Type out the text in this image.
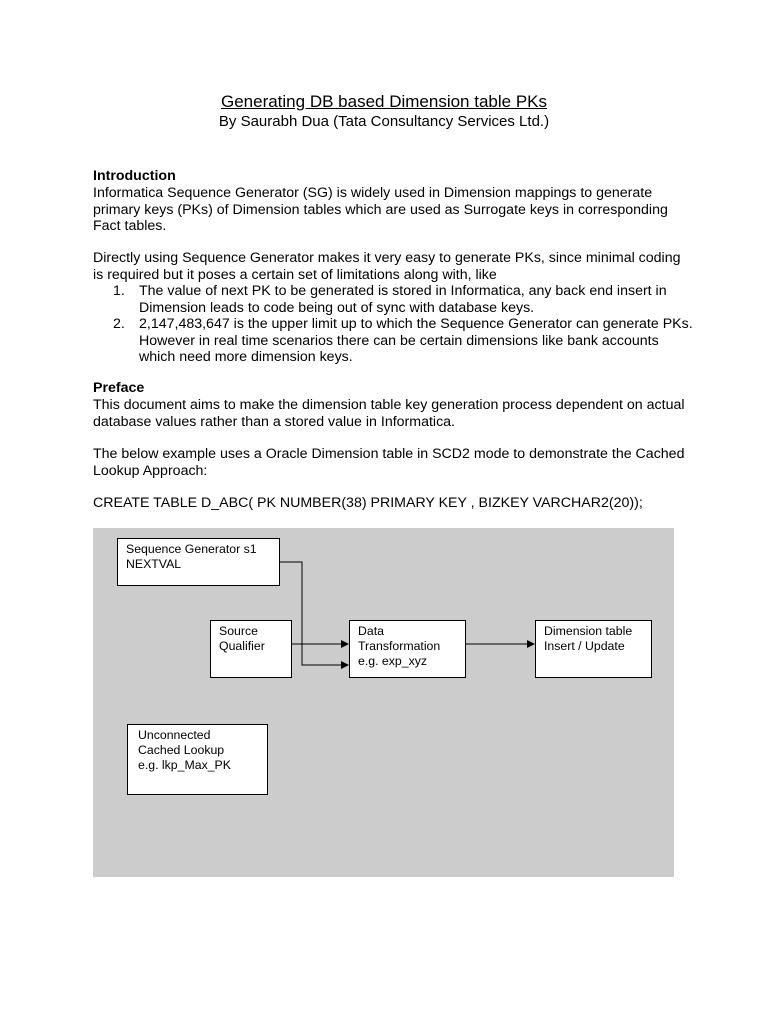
Generating DB based Dimension table PKs
By Saurabh Dua (Tata Consultancy Services Ltd.)
Introduction
Informatica Sequence Generator (SG) is widely used in Dimension mappings to generate primary keys (PKs) of Dimension tables which are used as Surrogate keys in corresponding Fact tables.
Directly using Sequence Generator makes it very easy to generate PKs, since minimal coding is required but it poses a certain set of limitations along with, like
1. The value of next PK to be generated is stored in Informatica, any back end insert in Dimension leads to code being out of sync with database keys.
2. 2,147,483,647 is the upper limit up to which the Sequence Generator can generate PKs. However in real time scenarios there can be certain dimensions like bank accounts which need more dimension keys.
Preface
This document aims to make the dimension table key generation process dependent on actual database values rather than a stored value in Informatica.
The below example uses a Oracle Dimension table in SCD2 mode to demonstrate the Cached Lookup Approach:
CREATE TABLE D_ABC( PK NUMBER(38) PRIMARY KEY , BIZKEY VARCHAR2(20));
Sequence Generator s1
NEXTVAL
Source
Qualifier
Data
Transformation
e.g. exp_xyz
Dimension table
Insert / Update
Unconnected
Cached Lookup
e.g. lkp_Max_PK
